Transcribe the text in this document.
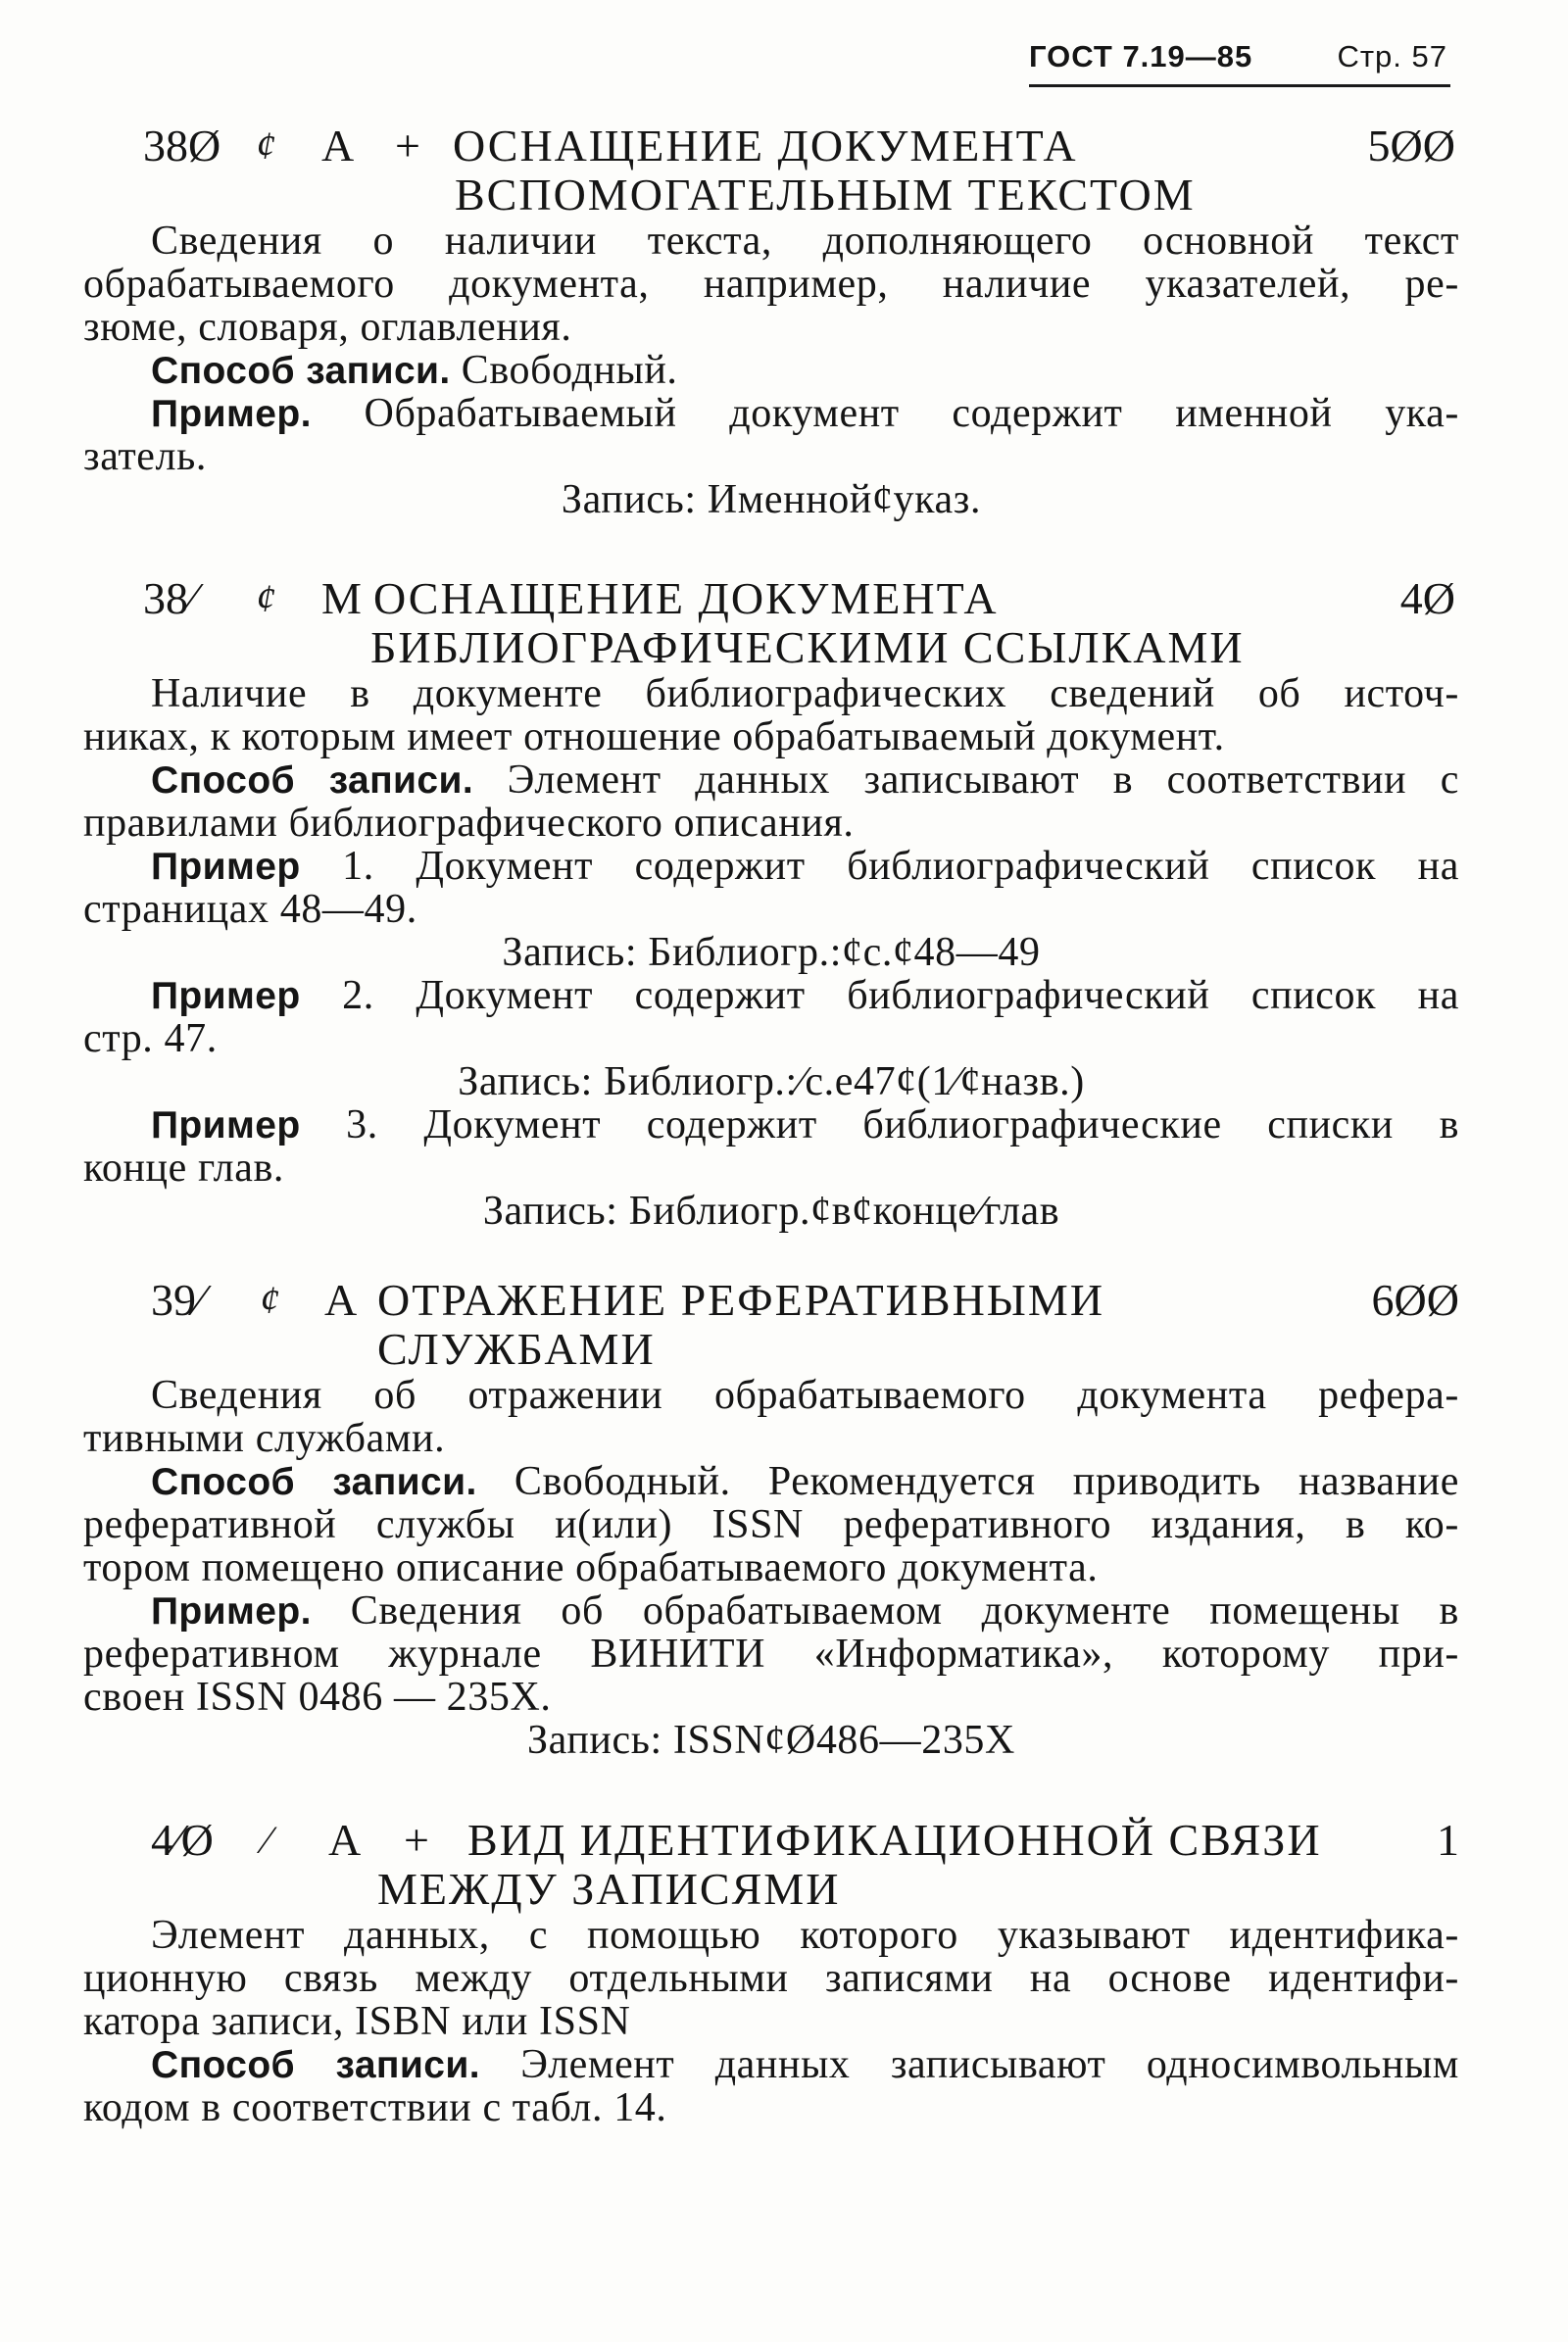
ГОСТ 7.19—85	Стр. 57
38Ø ¢ А + ОСНАЩЕНИЕ ДОКУМЕНТА	5ØØ
ВСПОМОГАТЕЛЬНЫМ ТЕКСТОМ
Сведения о наличии текста, дополняющего основной текст
обрабатываемого документа, например, наличие указателей, ре-
зюме, словаря, оглавления.
Способ записи. Свободный.
Пример. Обрабатываемый документ содержит именной ука-
затель.
Запись: Именной¢указ.
38⁄ ¢ М ОСНАЩЕНИЕ ДОКУМЕНТА	4Ø
БИБЛИОГРАФИЧЕСКИМИ ССЫЛКАМИ
Наличие в документе библиографических сведений об источ-
никах, к которым имеет отношение обрабатываемый документ.
Способ записи. Элемент данных записывают в соответствии с
правилами библиографического описания.
Пример 1. Документ содержит библиографический список на
страницах 48—49.
Запись: Библиогр.:¢с.¢48—49
Пример 2. Документ содержит библиографический список на
стр. 47.
Запись: Библиогр.:⁄с.е47¢(1⁄¢назв.)
Пример 3. Документ содержит библиографические списки в
конце глав.
Запись: Библиогр.¢в¢конце⁄глав
39⁄ ¢ А ОТРАЖЕНИЕ РЕФЕРАТИВНЫМИ	6ØØ
СЛУЖБАМИ
Сведения об отражении обрабатываемого документа рефера-
тивными службами.
Способ записи. Свободный. Рекомендуется приводить название
реферативной службы и(или) ISSN реферативного издания, в ко-
тором помещено описание обрабатываемого документа.
Пример. Сведения об обрабатываемом документе помещены в
реферативном журнале ВИНИТИ «Информатика», которому при-
своен ISSN 0486 — 235X.
Запись: ISSN¢Ø486—235X
4⁄Ø ⁄ А + ВИД ИДЕНТИФИКАЦИОННОЙ СВЯЗИ	1
МЕЖДУ ЗАПИСЯМИ
Элемент данных, с помощью которого указывают идентифика-
ционную связь между отдельными записями на основе идентифи-
катора записи, ISBN или ISSN
Способ записи. Элемент данных записывают односимвольным
кодом в соответствии с табл. 14.
